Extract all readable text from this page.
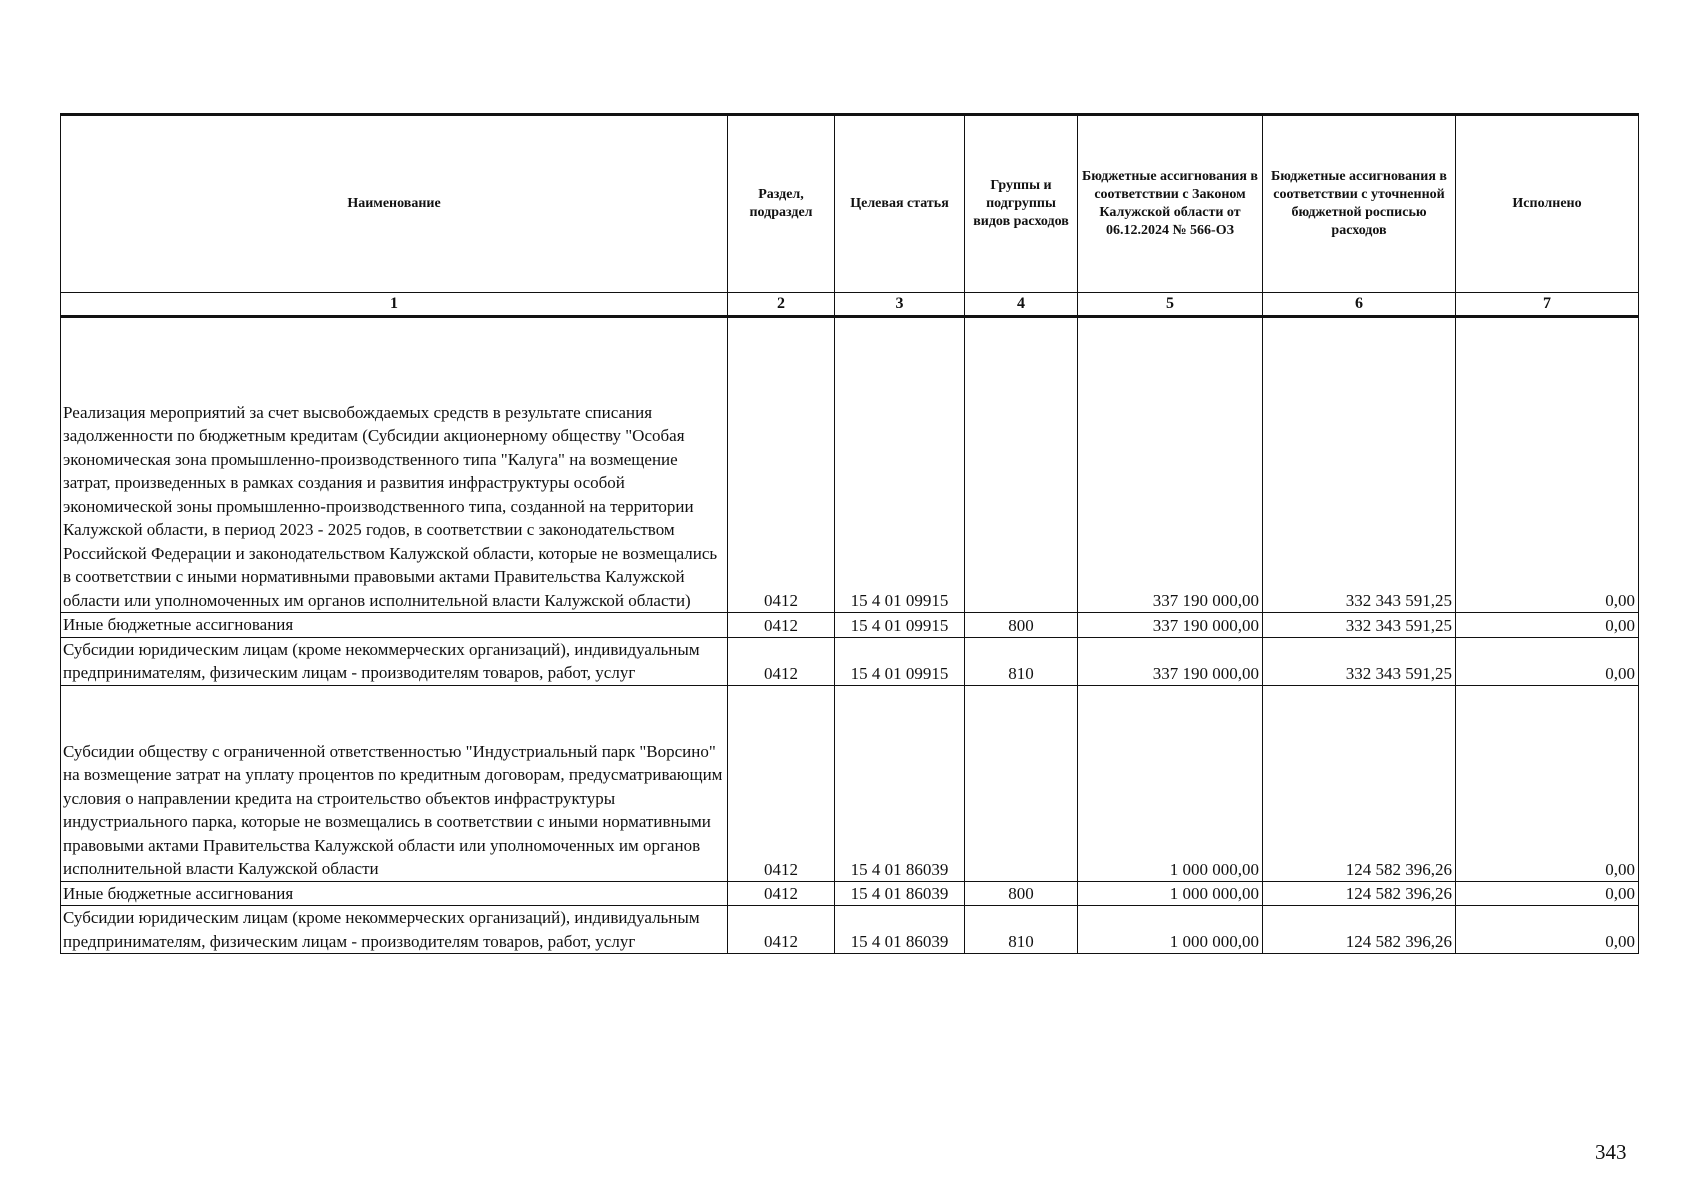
Наименование	Раздел, подраздел	Целевая статья	Группы и подгруппы видов расходов	Бюджетные ассигнования в соответствии с Законом Калужской области от 06.12.2024 № 566-ОЗ	Бюджетные ассигнования в соответствии с уточненной бюджетной росписью расходов	Исполнено
1	2	3	4	5	6	7
Реализация мероприятий за счет высвобождаемых средств в результате списания задолженности по бюджетным кредитам (Субсидии акционерному обществу "Особая экономическая зона промышленно-производственного типа "Калуга" на возмещение затрат, произведенных в рамках создания и развития инфраструктуры особой экономической зоны промышленно-производственного типа, созданной на территории Калужской области, в период 2023 - 2025 годов, в соответствии с законодательством Российской Федерации и законодательством Калужской области, которые не возмещались в соответствии с иными нормативными правовыми актами Правительства Калужской области или уполномоченных им органов исполнительной власти Калужской области)	0412	15 4 01 09915		337 190 000,00	332 343 591,25	0,00
Иные бюджетные ассигнования	0412	15 4 01 09915	800	337 190 000,00	332 343 591,25	0,00
Субсидии юридическим лицам (кроме некоммерческих организаций), индивидуальным предпринимателям, физическим лицам - производителям товаров, работ, услуг	0412	15 4 01 09915	810	337 190 000,00	332 343 591,25	0,00
Субсидии обществу с ограниченной ответственностью "Индустриальный парк "Ворсино" на возмещение затрат на уплату процентов по кредитным договорам, предусматривающим условия о направлении кредита на строительство объектов инфраструктуры индустриального парка, которые не возмещались в соответствии с иными нормативными правовыми актами Правительства Калужской области или уполномоченных им органов исполнительной власти Калужской области	0412	15 4 01 86039		1 000 000,00	124 582 396,26	0,00
Иные бюджетные ассигнования	0412	15 4 01 86039	800	1 000 000,00	124 582 396,26	0,00
Субсидии юридическим лицам (кроме некоммерческих организаций), индивидуальным предпринимателям, физическим лицам - производителям товаров, работ, услуг	0412	15 4 01 86039	810	1 000 000,00	124 582 396,26	0,00
343
